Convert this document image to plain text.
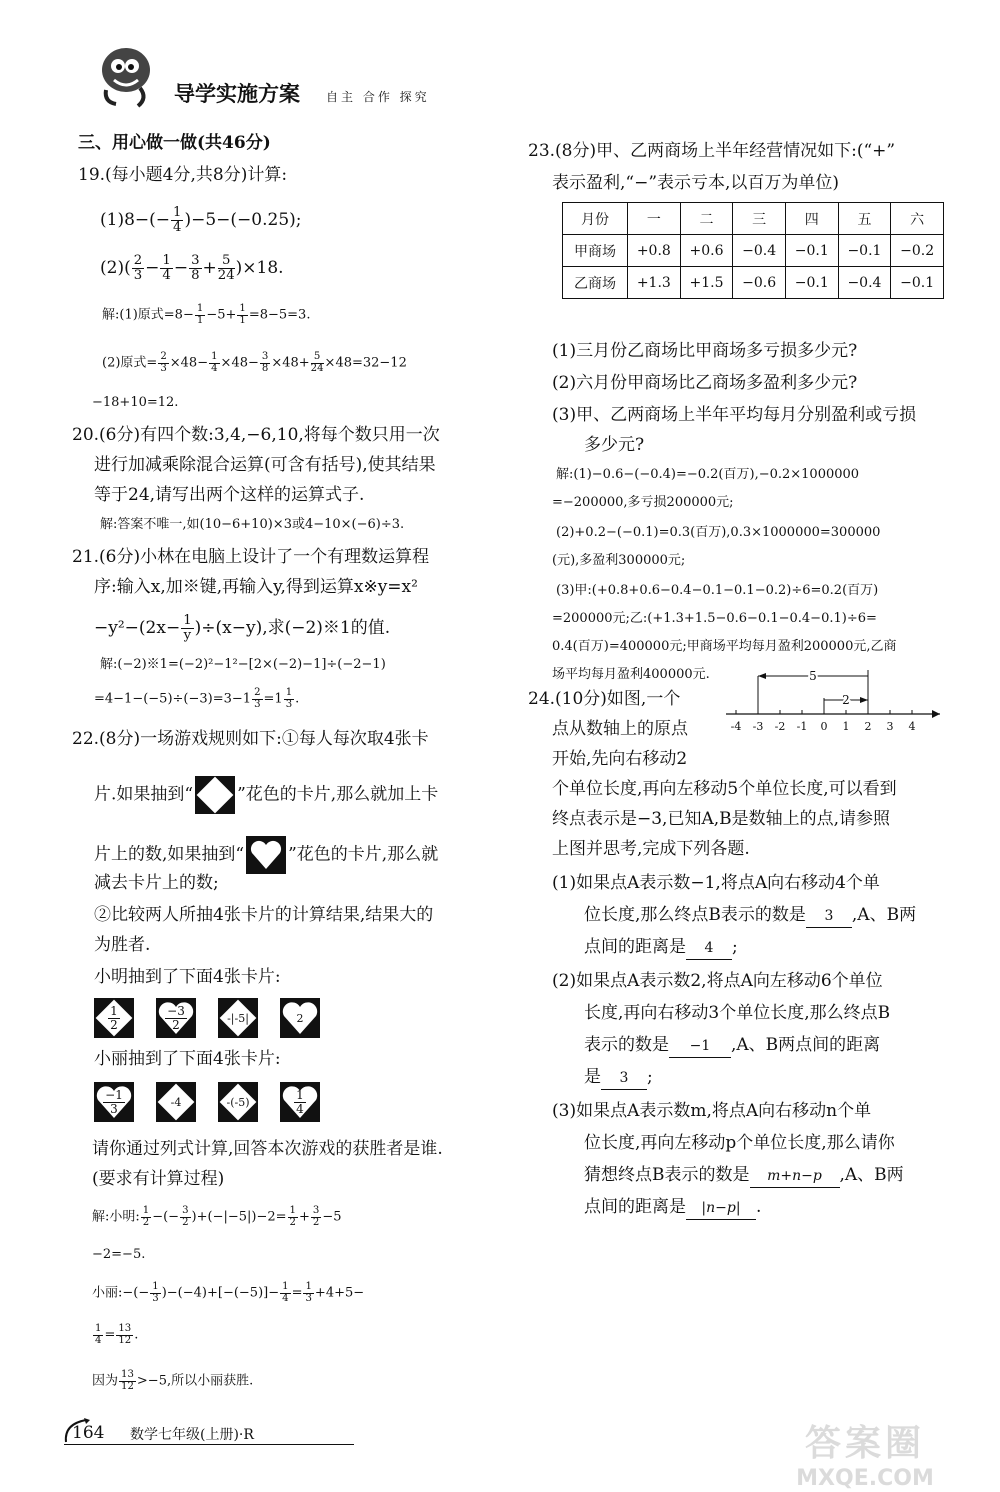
导学实施方案 自主 合作 探究
三、用心做一做(共46分)
19.(每小题4分,共8分)计算:
$(1)8-(- \frac{1}{4} )-5-(-0.25)$;
$(2)( \frac{2}{3} - \frac{1}{4} - \frac{3}{8} + \frac{5}{24} )\times 18$.
解:(1)原式$=8- \frac{1}{1} -5+ \frac{1}{1} =8-5=3$.
(2)原式= $\frac{2}{3} \times 48- \frac{1}{4} \times 48- \frac{3}{8} \times 48+ \frac{5}{24} \times 48=32-12$
−18+10=12.
20.(6分)有四个数:3,4,−6,10,将每个数只用一次
进行加减乘除混合运算(可含有括号),使其结果
等于24,请写出两个这样的运算式子.
解:答案不唯一,如(10−6+10)×3或4−10×(−6)÷3.
21.(6分)小林在电脑上设计了一个有理数运算程
序:输入x,加※键,再输入y,得到运算x※y=x²
$-y^2-(2x- \frac{1}{y} )\div(x-y)$,求(−2)※1的值.
解:(−2)※1=(−2)²−1²−[2×(−2)−1]÷(−2−1)
$=4-1-(-5)\div(-3)=3-1 \frac{2}{3} =1 \frac{1}{3}$ .
22.(8分)一场游戏规则如下:①每人每次取4张卡
片.如果抽到“	”花色的卡片,那么就加上卡
片上的数,如果抽到“	”花色的卡片,那么就
减去卡片上的数;
②比较两人所抽4张卡片的计算结果,结果大的
为胜者.
小明抽到了下面4张卡片:
$\frac{1}{2}$	$\frac{-3}{2}$	-|-5|	2
小丽抽到了下面4张卡片:
$\frac{-1}{3}$	-4	-(-5)	$\frac{1}{4}$
请你通过列式计算,回答本次游戏的获胜者是谁.
(要求有计算过程)
解:小明: $\frac{1}{2}$ −(− $\frac{3}{2} )+(-|-5|)-2= \frac{1}{2} + \frac{3}{2} -5$
−2=−5.
小丽:−(− $\frac{1}{3} )-(-4)+[-(-5)]- \frac{1}{4} = \frac{1}{3} +4+5-$
$\frac{1}{4} = \frac{13}{12}$ .
因为 $\frac{13}{12} >-5$,所以小丽获胜.
23.(8分)甲、乙两商场上半年经营情况如下:(“+”
表示盈利,“−”表示亏本,以百万为单位)
月份	一	二	三	四	五	六
甲商场	+0.8	+0.6	−0.4	−0.1	−0.1	−0.2
乙商场	+1.3	+1.5	−0.6	−0.1	−0.4	−0.1
(1)三月份乙商场比甲商场多亏损多少元?
(2)六月份甲商场比乙商场多盈利多少元?
(3)甲、乙两商场上半年平均每月分别盈利或亏损
多少元?
解:(1)−0.6−(−0.4)=−0.2(百万),−0.2×1000000
=−200000,多亏损200000元;
(2)+0.2−(−0.1)=0.3(百万),0.3×1000000=300000
(元),多盈利300000元;
(3)甲:(+0.8+0.6−0.4−0.1−0.1−0.2)÷6=0.2(百万)
=200000元;乙:(+1.3+1.5−0.6−0.1−0.4−0.1)÷6=
0.4(百万)=400000元;甲商场平均每月盈利200000元,乙商
场平均每月盈利400000元.
24.(10分)如图,一个
点从数轴上的原点
开始,先向右移动2
-4 -3 -2 -1 0 1 2 3 4
5
2
个单位长度,再向左移动5个单位长度,可以看到
终点表示是−3,已知A,B是数轴上的点,请参照
上图并思考,完成下列各题.
(1)如果点A表示数−1,将点A向右移动4个单
位长度,那么终点B表示的数是 3 ,A、B两
点间的距离是 4 ;
(2)如果点A表示数2,将点A向左移动6个单位
长度,再向右移动3个单位长度,那么终点B
表示的数是 −1 ,A、B两点间的距离
是 3 ;
(3)如果点A表示数m,将点A向右移动n个单
位长度,再向左移动p个单位长度,那么请你
猜想终点B表示的数是 m+n−p ,A、B两
点间的距离是 |n−p| .
164 数学七年级(上册)·R	答案圈
MXQE.COM
